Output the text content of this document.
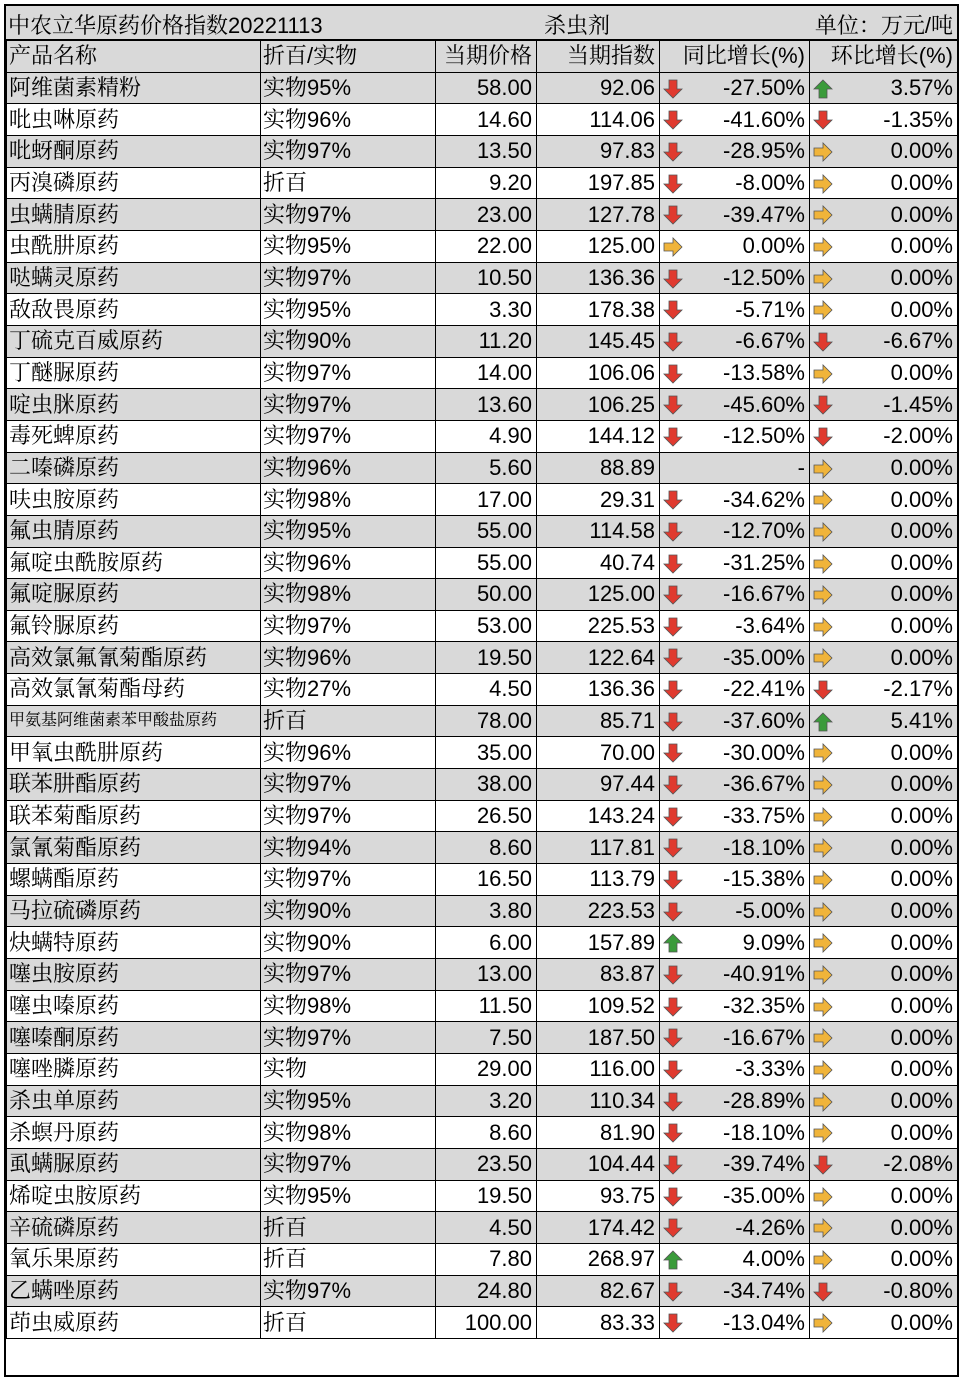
中农立华原药价格指数20221113	杀虫剂	单位：万元/吨
产品名称	折百/实物	当期价格	当期指数	同比增长(%)	环比增长(%)
阿维菌素精粉	实物95%	58.00	92.06	-27.50%	3.57%
吡虫啉原药	实物96%	14.60	114.06	-41.60%	-1.35%
吡蚜酮原药	实物97%	13.50	97.83	-28.95%	0.00%
丙溴磷原药	折百	9.20	197.85	-8.00%	0.00%
虫螨腈原药	实物97%	23.00	127.78	-39.47%	0.00%
虫酰肼原药	实物95%	22.00	125.00	0.00%	0.00%
哒螨灵原药	实物97%	10.50	136.36	-12.50%	0.00%
敌敌畏原药	实物95%	3.30	178.38	-5.71%	0.00%
丁硫克百威原药	实物90%	11.20	145.45	-6.67%	-6.67%
丁醚脲原药	实物97%	14.00	106.06	-13.58%	0.00%
啶虫脒原药	实物97%	13.60	106.25	-45.60%	-1.45%
毒死蜱原药	实物97%	4.90	144.12	-12.50%	-2.00%
二嗪磷原药	实物96%	5.60	88.89	-	0.00%
呋虫胺原药	实物98%	17.00	29.31	-34.62%	0.00%
氟虫腈原药	实物95%	55.00	114.58	-12.70%	0.00%
氟啶虫酰胺原药	实物96%	55.00	40.74	-31.25%	0.00%
氟啶脲原药	实物98%	50.00	125.00	-16.67%	0.00%
氟铃脲原药	实物97%	53.00	225.53	-3.64%	0.00%
高效氯氟氰菊酯原药	实物96%	19.50	122.64	-35.00%	0.00%
高效氯氰菊酯母药	实物27%	4.50	136.36	-22.41%	-2.17%
甲氨基阿维菌素苯甲酸盐原药	折百	78.00	85.71	-37.60%	5.41%
甲氧虫酰肼原药	实物96%	35.00	70.00	-30.00%	0.00%
联苯肼酯原药	实物97%	38.00	97.44	-36.67%	0.00%
联苯菊酯原药	实物97%	26.50	143.24	-33.75%	0.00%
氯氰菊酯原药	实物94%	8.60	117.81	-18.10%	0.00%
螺螨酯原药	实物97%	16.50	113.79	-15.38%	0.00%
马拉硫磷原药	实物90%	3.80	223.53	-5.00%	0.00%
炔螨特原药	实物90%	6.00	157.89	9.09%	0.00%
噻虫胺原药	实物97%	13.00	83.87	-40.91%	0.00%
噻虫嗪原药	实物98%	11.50	109.52	-32.35%	0.00%
噻嗪酮原药	实物97%	7.50	187.50	-16.67%	0.00%
噻唑膦原药	实物	29.00	116.00	-3.33%	0.00%
杀虫单原药	实物95%	3.20	110.34	-28.89%	0.00%
杀螟丹原药	实物98%	8.60	81.90	-18.10%	0.00%
虱螨脲原药	实物97%	23.50	104.44	-39.74%	-2.08%
烯啶虫胺原药	实物95%	19.50	93.75	-35.00%	0.00%
辛硫磷原药	折百	4.50	174.42	-4.26%	0.00%
氧乐果原药	折百	7.80	268.97	4.00%	0.00%
乙螨唑原药	实物97%	24.80	82.67	-34.74%	-0.80%
茚虫威原药	折百	100.00	83.33	-13.04%	0.00%
